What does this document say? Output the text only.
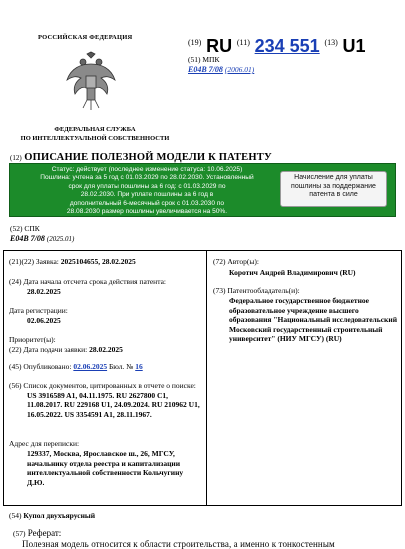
РОССИЙСКАЯ ФЕДЕРАЦИЯ
ФЕДЕРАЛЬНАЯ СЛУЖБА
ПО ИНТЕЛЛЕКТУАЛЬНОЙ СОБСТВЕННОСТИ
$^{(19)}$ RU $^{(11)}$ 234 551 $^{(13)}$ U1
(51) МПК
E04B 7/08 (2006.01)
(12) ОПИСАНИЕ ПОЛЕЗНОЙ МОДЕЛИ К ПАТЕНТУ
Статус: действует (последнее изменение статуса: 10.06.2025)
Пошлина: учтена за 5 год с 01.03.2029 по 28.02.2030. Установленный
срок для уплаты пошлины за 6 год: с 01.03.2029 по
28.02.2030. При уплате пошлины за 6 год в
дополнительный 6-месячный срок с 01.03.2030 по
28.08.2030 размер пошлины увеличивается на 50%.
Начисление для уплаты
пошлины за поддержание
патента в силе
(52) СПК
E04B 7/08 (2025.01)
(21)(22) Заявка: 2025104655, 28.02.2025
(24) Дата начала отсчета срока действия патента:
28.02.2025
Дата регистрации:
02.06.2025
Приоритет(ы):
(22) Дата подачи заявки: 28.02.2025
(45) Опубликовано: 02.06.2025 Бюл. № 16
(56) Список документов, цитированных в отчете о поиске:
US 3916589 A1, 04.11.1975. RU 2627800 C1, 11.08.2017. RU 229168 U1, 24.09.2024. RU 210962 U1, 16.05.2022. US 3354591 A1, 28.11.1967.
Адрес для переписки:
129337, Москва, Ярославское ш., 26, МГСУ, начальнику отдела реестра и капитализации интеллектуальной собственности Кольчугину Д.Ю.
(72) Автор(ы):
Коротич Андрей Владимирович (RU)
(73) Патентообладатель(и):
Федеральное государственное бюджетное образовательное учреждение высшего образования "Национальный исследовательский Московский государственный строительный университет" (НИУ МГСУ) (RU)
(54) Купол двухъярусный
(57) Реферат:
Полезная модель относится к области строительства, а именно к тонкостенным
